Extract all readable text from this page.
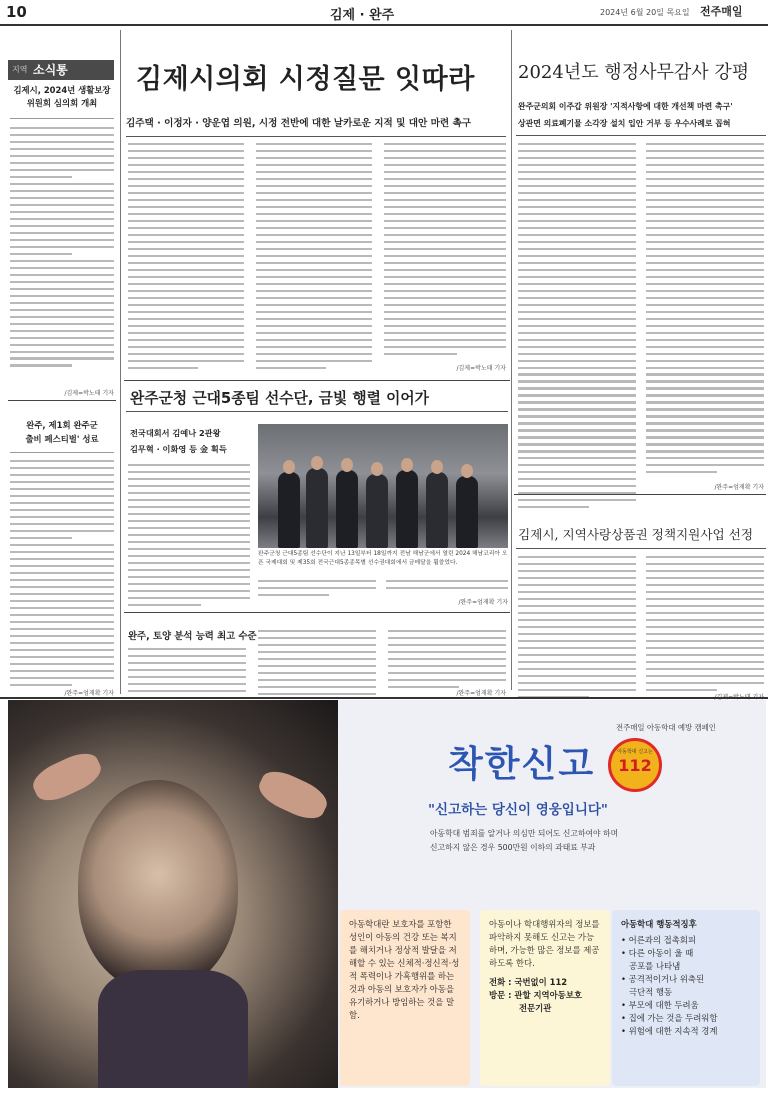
10	김제 · 완주	2024년 6월 20일 목요일 전주매일
지역 소식통
김제시, 2024년 생활보장
위원회 심의회 개최
/김제=박노태 기자
완주, 제1회 완주군
출비 페스티벌' 성료
/완주=엄재확 기자
김제시의회 시정질문 잇따라
김주택 · 이정자 · 양운엽 의원, 시정 전반에 대한 날카로운 지적 및 대안 마련 촉구
/김제=박노태 기자
2024년도 행정사무감사 강평
완주군의회 이주갑 위원장 '지적사항에 대한 개선책 마련 촉구'
상관면 의료폐기물 소각장 설치 입안 거부 등 우수사례로 꼽혀
/완주=엄재확 기자
김제시, 지역사랑상품권 정책지원사업 선정
완주군청 근대5종팀 선수단, 금빛 행렬 이어가
전국대회서 김예나 2관왕
김무혁 · 이화영 등 金 획득
완주군청 근대5종팀 선수단이 지난 13일부터 18일까지 전남 해남군에서 열린 2024 해남코리아 오픈 국제대회 및 제35회 전국근대5종종목별 선수권대회에서 금메달을 휩쓸었다.
/완주=엄재확 기자
완주, 토양 분석 능력 최고 수준
/완주=엄재확 기자
전주매일 아동학대 예방 캠페인
착한신고	아동학대 신고는
112
"신고하는 당신이 영웅입니다"
아동학대 범죄를 알거나 의심만 되어도 신고하여야 하며
신고하지 않은 경우 500만원 이하의 과태료 부과
아동학대란 보호자를 포함한 성인이 아동의 건강 또는 복지를 해치거나 정상적 발달을 저해할 수 있는 신체적·정신적·성적 폭력이나 가혹행위를 하는 것과 아동의 보호자가 아동을 유기하거나 방임하는 것을 말함.
아동이나 학대행위자의 정보를 파악하지 못해도 신고는 가능하며, 가능한 많은 정보를 제공하도록 한다.
전화 : 국번없이 112
방문 : 관할 지역아동보호
전문기관
아동학대 행동적징후
• 어른과의 접촉회피
• 다른 아동이 울 때
공포를 나타냄
• 공격적이거나 위축된
극단적 행동
• 부모에 대한 두려움
• 집에 가는 것을 두려워함
• 위험에 대한 지속적 경계
